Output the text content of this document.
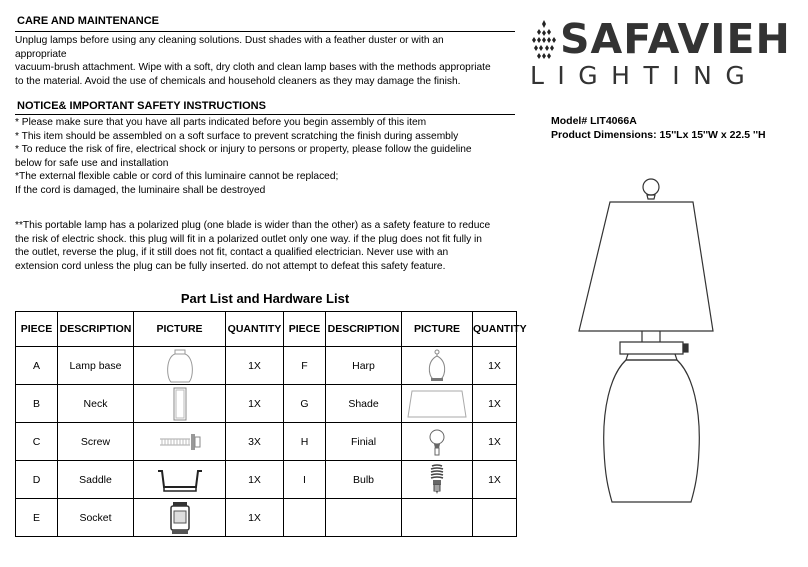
CARE AND MAINTENANCE
Unplug lamps before using any cleaning solutions. Dust shades with a feather duster or with an
appropriate
vacuum-brush attachment. Wipe with a soft, dry cloth and clean lamp bases with the methods appropriate
to the material. Avoid the use of chemicals and household cleaners as they may damage the finish.
NOTICE& IMPORTANT SAFETY INSTRUCTIONS
* Please make sure that you have all parts indicated before you begin assembly of this item
* This item should be assembled on a soft surface to prevent scratching the finish during assembly
* To reduce the risk of fire, electrical shock or injury to persons or property, please follow the guideline
below for safe use and installation
*The external flexible cable or cord of this luminaire cannot be replaced;
If the cord is damaged, the luminaire shall be destroyed
**This portable lamp has a polarized plug (one blade is wider than the other) as a safety feature to reduce
the risk of electric shock. this plug will fit in a polarized outlet only one way. if the plug does not fit fully in
the outlet, reverse the plug, if it still does not fit, contact a qualified electrician. Never use with an
extension cord unless the plug can be fully inserted. do not attempt to defeat this safety feature.
Part List and Hardware List
PIECE	DESCRIPTION	PICTURE	QUANTITY	PIECE	DESCRIPTION	PICTURE	QUANTITY
A	Lamp base		1X	F	Harp		1X
B	Neck		1X	G	Shade		1X
C	Screw		3X	H	Finial		1X
D	Saddle		1X	I	Bulb		1X
E	Socket		1X				
SAFAVIEH
LIGHTING
Model# LIT4066A
Product Dimensions: 15''Lx 15''W x 22.5 ''H
